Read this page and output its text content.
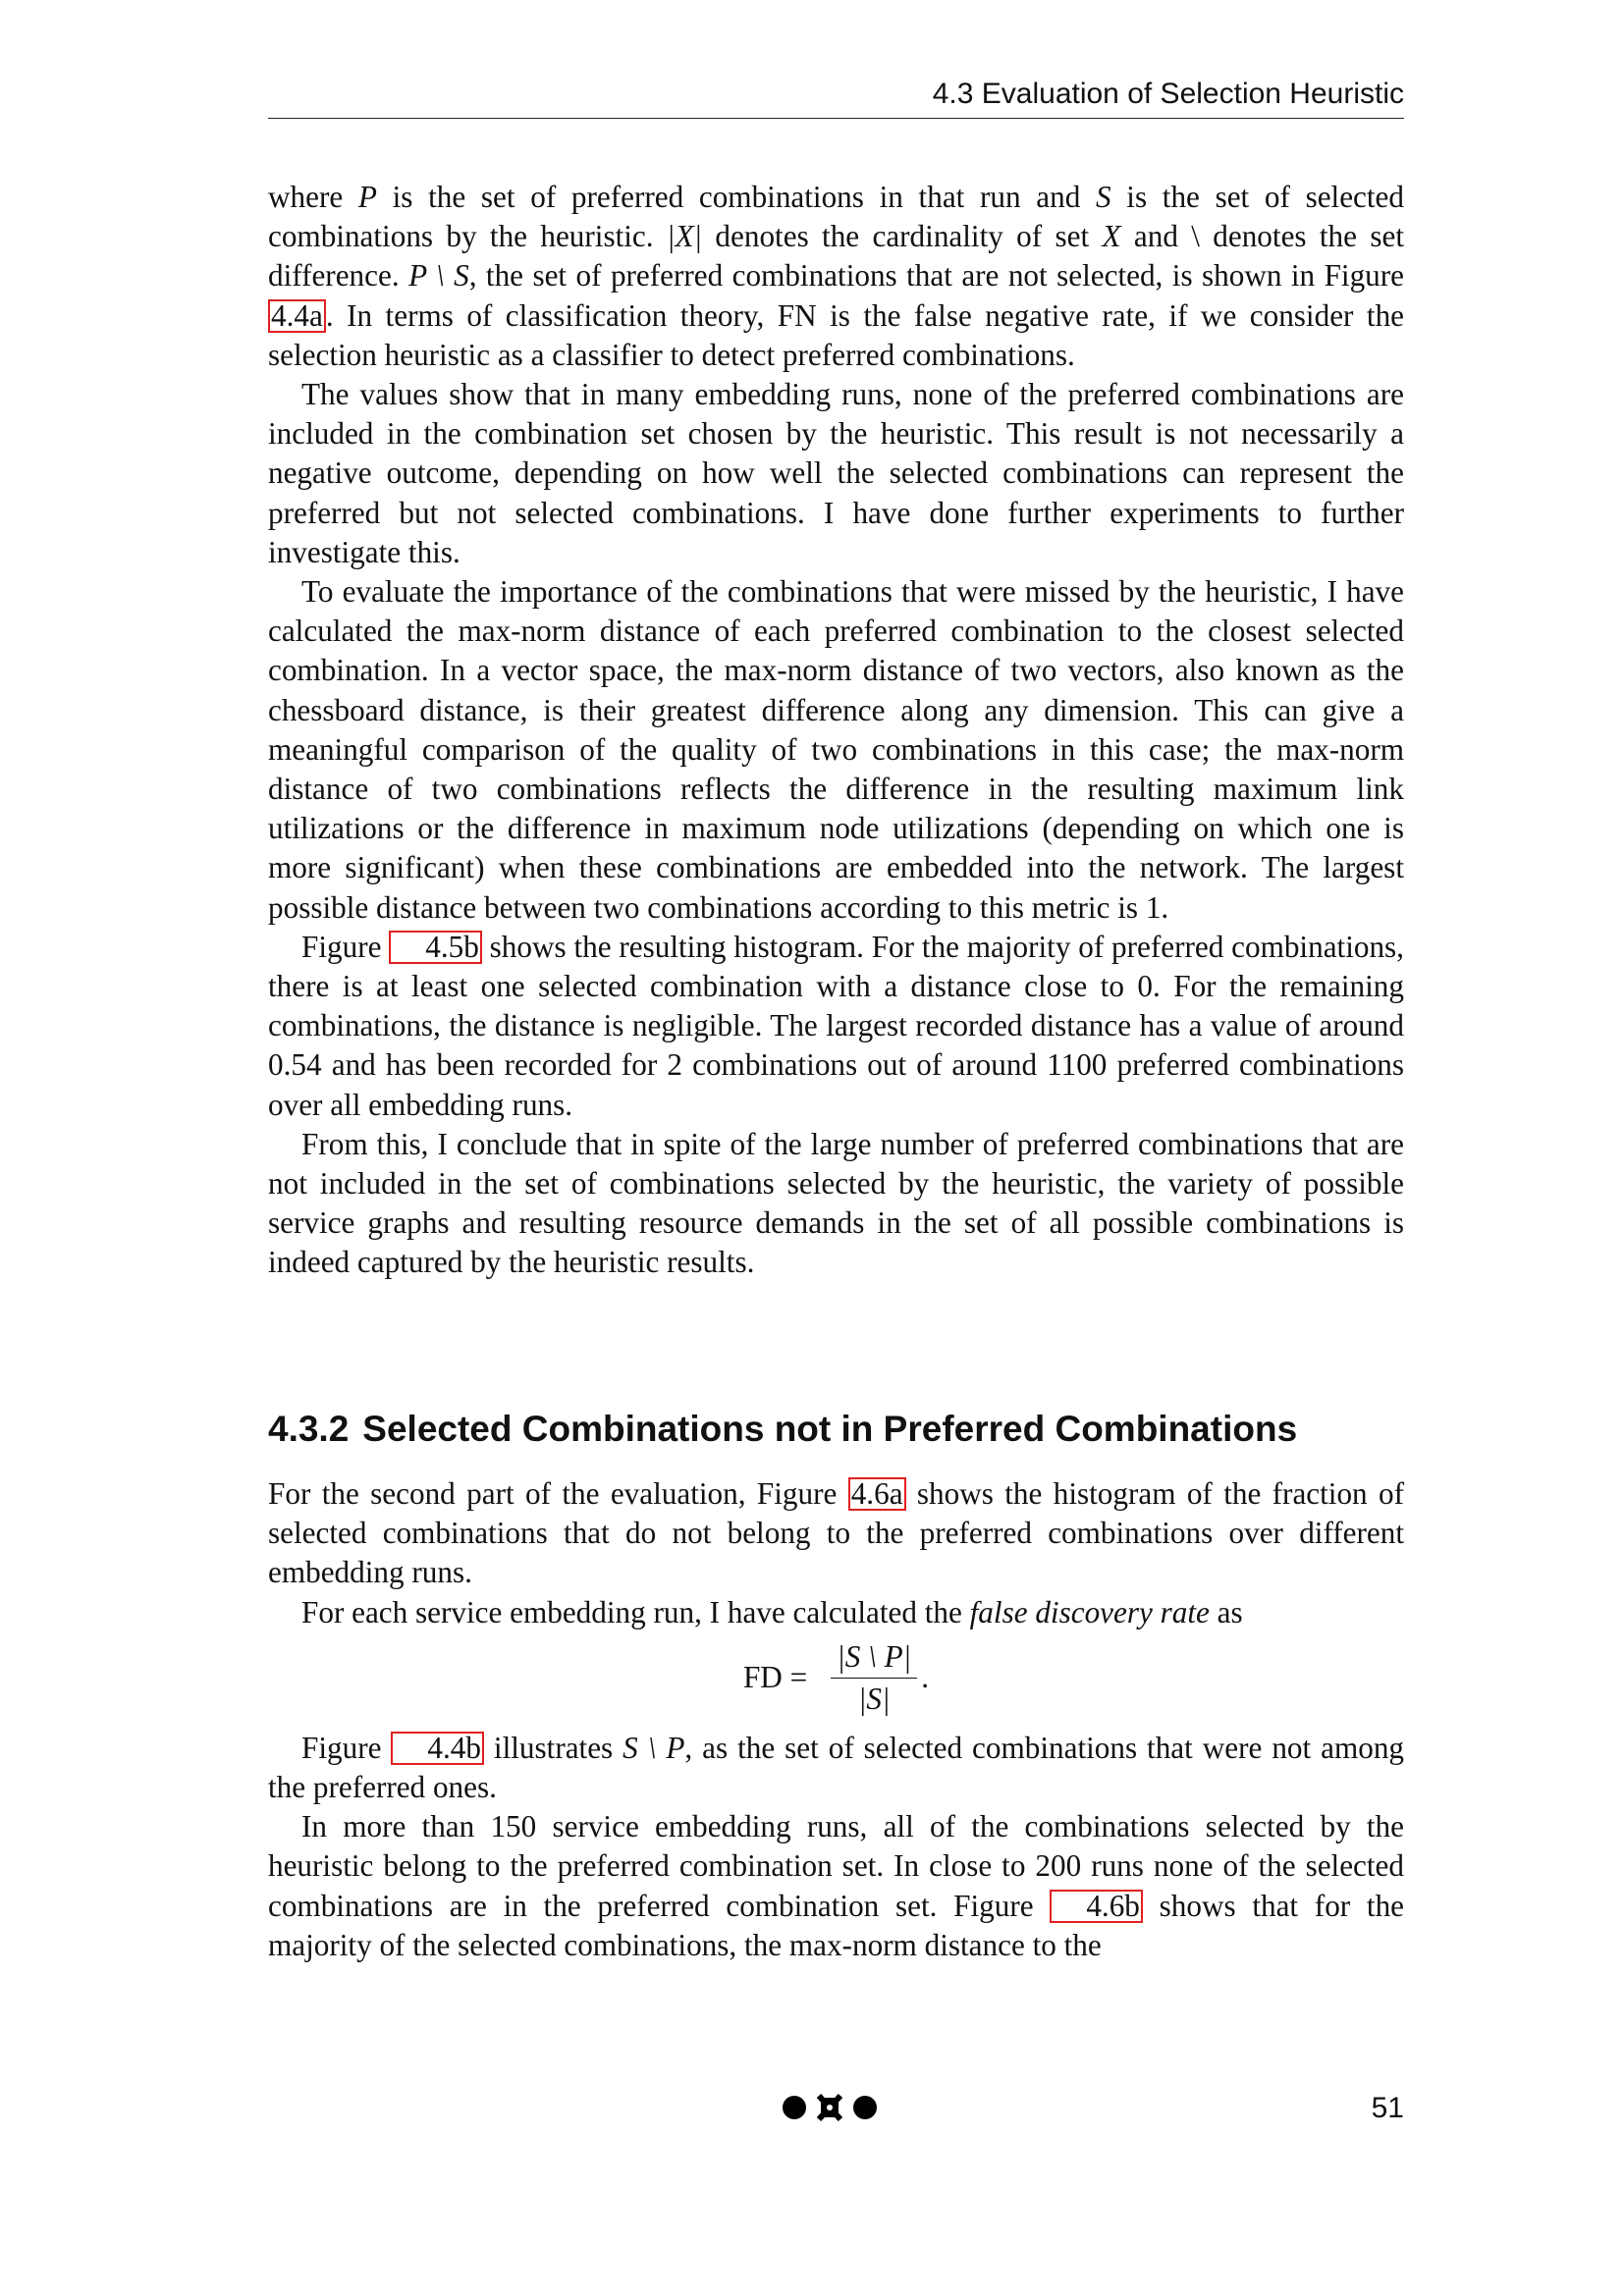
4.3 Evaluation of Selection Heuristic

where P is the set of preferred combinations in that run and S is the set of selected combinations by the heuristic. |X| denotes the cardinality of set X and \ denotes the set difference. P \ S, the set of preferred combinations that are not selected, is shown in Figure 4.4a. In terms of classification theory, FN is the false negative rate, if we consider the selection heuristic as a classifier to detect preferred combinations.

The values show that in many embedding runs, none of the preferred combinations are included in the combination set chosen by the heuristic. This result is not necessarily a negative outcome, depending on how well the selected combinations can represent the preferred but not selected combinations. I have done further experiments to further investigate this.

To evaluate the importance of the combinations that were missed by the heuristic, I have calculated the max-norm distance of each preferred combination to the closest selected combination. In a vector space, the max-norm distance of two vectors, also known as the chessboard distance, is their greatest difference along any dimension. This can give a meaningful comparison of the quality of two combinations in this case; the max-norm distance of two combinations reflects the difference in the resulting maximum link utilizations or the difference in maximum node utilizations (depending on which one is more significant) when these combinations are embedded into the network. The largest possible distance between two combinations according to this metric is 1.

Figure 4.5b shows the resulting histogram. For the majority of preferred combinations, there is at least one selected combination with a distance close to 0. For the remaining combinations, the distance is negligible. The largest recorded distance has a value of around 0.54 and has been recorded for 2 combinations out of around 1100 preferred combinations over all embedding runs.

From this, I conclude that in spite of the large number of preferred combinations that are not included in the set of combinations selected by the heuristic, the variety of possible service graphs and resulting resource demands in the set of all possible combinations is indeed captured by the heuristic results.

4.3.2 Selected Combinations not in Preferred Combinations

For the second part of the evaluation, Figure 4.6a shows the histogram of the fraction of selected combinations that do not belong to the preferred combinations over different embedding runs.

For each service embedding run, I have calculated the false discovery rate as

FD = $\frac{|S \backslash P|}{|S|}$ .

Figure 4.4b illustrates S \ P, as the set of selected combinations that were not among the preferred ones.

In more than 150 service embedding runs, all of the combinations selected by the heuristic belong to the preferred combination set. In close to 200 runs none of the selected combinations are in the preferred combination set. Figure 4.6b shows that for the majority of the selected combinations, the max-norm distance to the

51
